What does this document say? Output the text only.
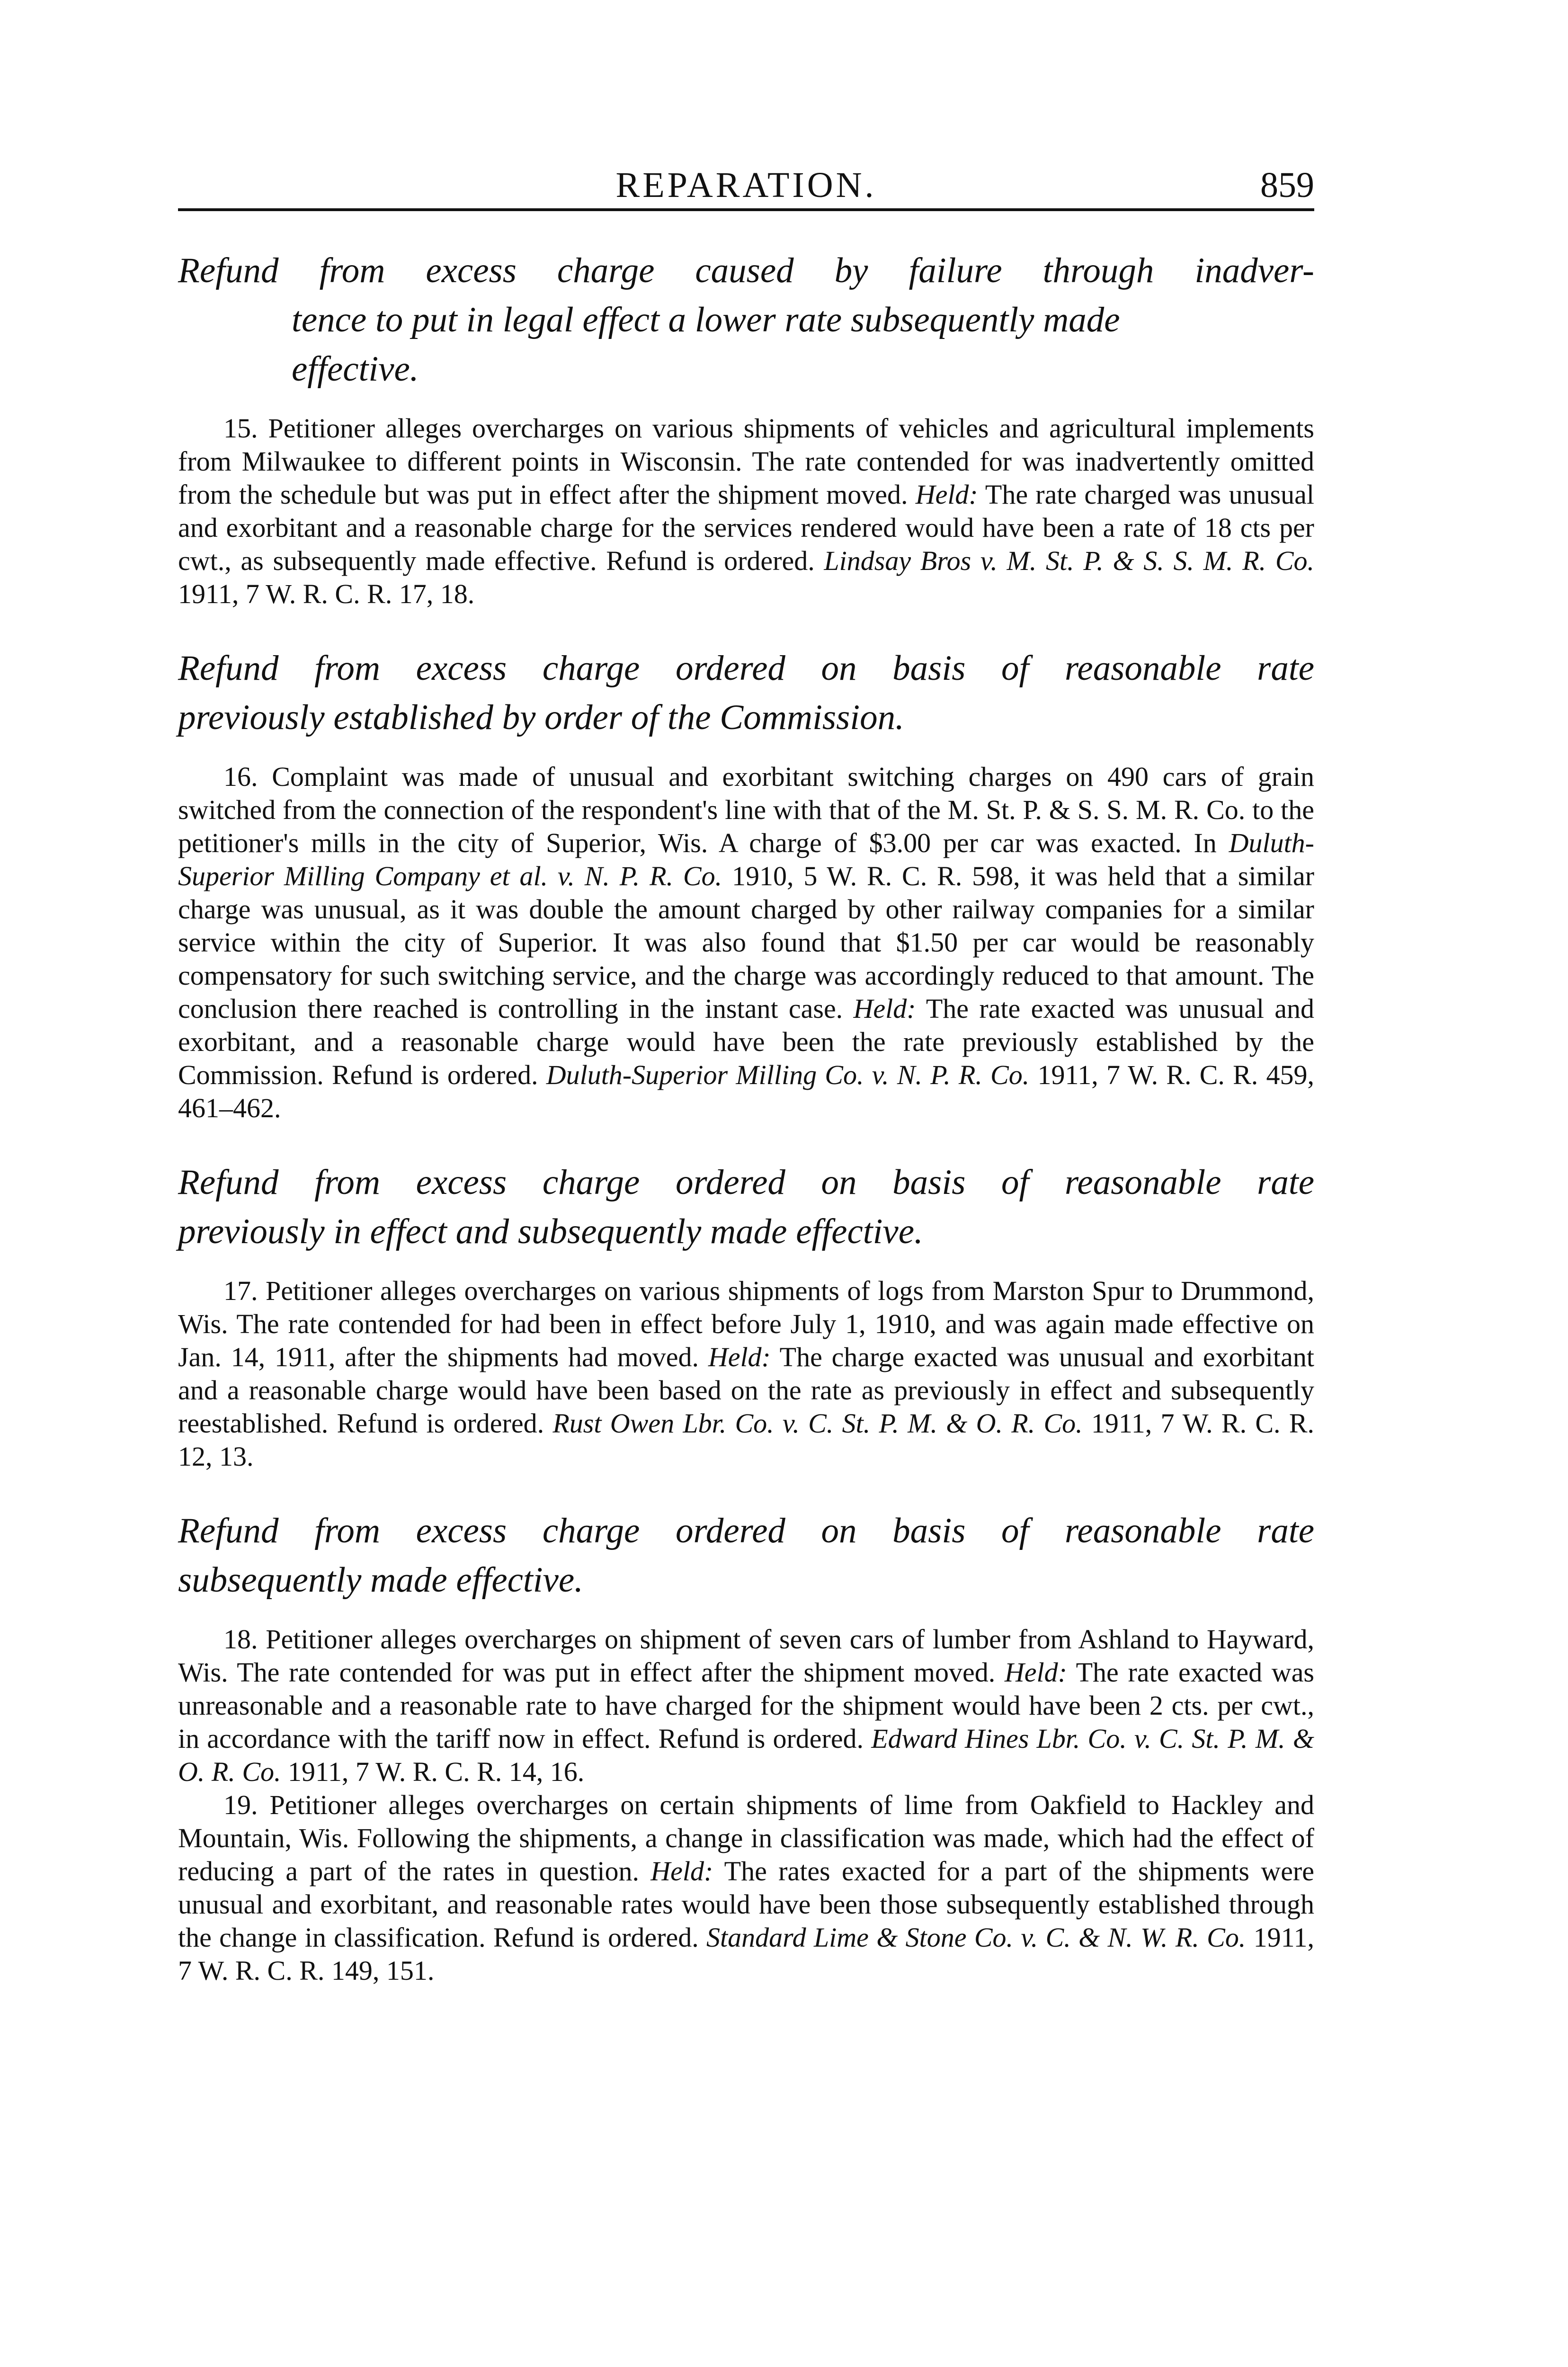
REPARATION.	859
Refund from excess charge caused by failure through inadver-
tence to put in legal effect a lower rate subsequently made
effective.

15. Petitioner alleges overcharges on various shipments of vehicles and agricultural implements from Milwaukee to different points in Wisconsin. The rate contended for was inadvertently omitted from the schedule but was put in effect after the shipment moved. Held: The rate charged was unusual and exorbitant and a reasonable charge for the services rendered would have been a rate of 18 cts per cwt., as subsequently made effective. Refund is ordered. Lindsay Bros v. M. St. P. & S. S. M. R. Co. 1911, 7 W. R. C. R. 17, 18.

Refund from excess charge ordered on basis of reasonable rate
previously established by order of the Commission.

16. Complaint was made of unusual and exorbitant switching charges on 490 cars of grain switched from the connection of the respondent's line with that of the M. St. P. & S. S. M. R. Co. to the petitioner's mills in the city of Superior, Wis. A charge of $3.00 per car was exacted. In Duluth-Superior Milling Company et al. v. N. P. R. Co. 1910, 5 W. R. C. R. 598, it was held that a similar charge was unusual, as it was double the amount charged by other railway companies for a similar service within the city of Superior. It was also found that $1.50 per car would be reasonably compensatory for such switching service, and the charge was accordingly reduced to that amount. The conclusion there reached is controlling in the instant case. Held: The rate exacted was unusual and exorbitant, and a reasonable charge would have been the rate previously established by the Commission. Refund is ordered. Duluth-Superior Milling Co. v. N. P. R. Co. 1911, 7 W. R. C. R. 459, 461–462.

Refund from excess charge ordered on basis of reasonable rate
previously in effect and subsequently made effective.

17. Petitioner alleges overcharges on various shipments of logs from Marston Spur to Drummond, Wis. The rate contended for had been in effect before July 1, 1910, and was again made effective on Jan. 14, 1911, after the shipments had moved. Held: The charge exacted was unusual and exorbitant and a reasonable charge would have been based on the rate as previously in effect and subsequently reestablished. Refund is ordered. Rust Owen Lbr. Co. v. C. St. P. M. & O. R. Co. 1911, 7 W. R. C. R. 12, 13.

Refund from excess charge ordered on basis of reasonable rate
subsequently made effective.

18. Petitioner alleges overcharges on shipment of seven cars of lumber from Ashland to Hayward, Wis. The rate contended for was put in effect after the shipment moved. Held: The rate exacted was unreasonable and a reasonable rate to have charged for the shipment would have been 2 cts. per cwt., in accordance with the tariff now in effect. Refund is ordered. Edward Hines Lbr. Co. v. C. St. P. M. & O. R. Co. 1911, 7 W. R. C. R. 14, 16.

19. Petitioner alleges overcharges on certain shipments of lime from Oakfield to Hackley and Mountain, Wis. Following the shipments, a change in classification was made, which had the effect of reducing a part of the rates in question. Held: The rates exacted for a part of the shipments were unusual and exorbitant, and reasonable rates would have been those subsequently established through the change in classification. Refund is ordered. Standard Lime & Stone Co. v. C. & N. W. R. Co. 1911, 7 W. R. C. R. 149, 151.
